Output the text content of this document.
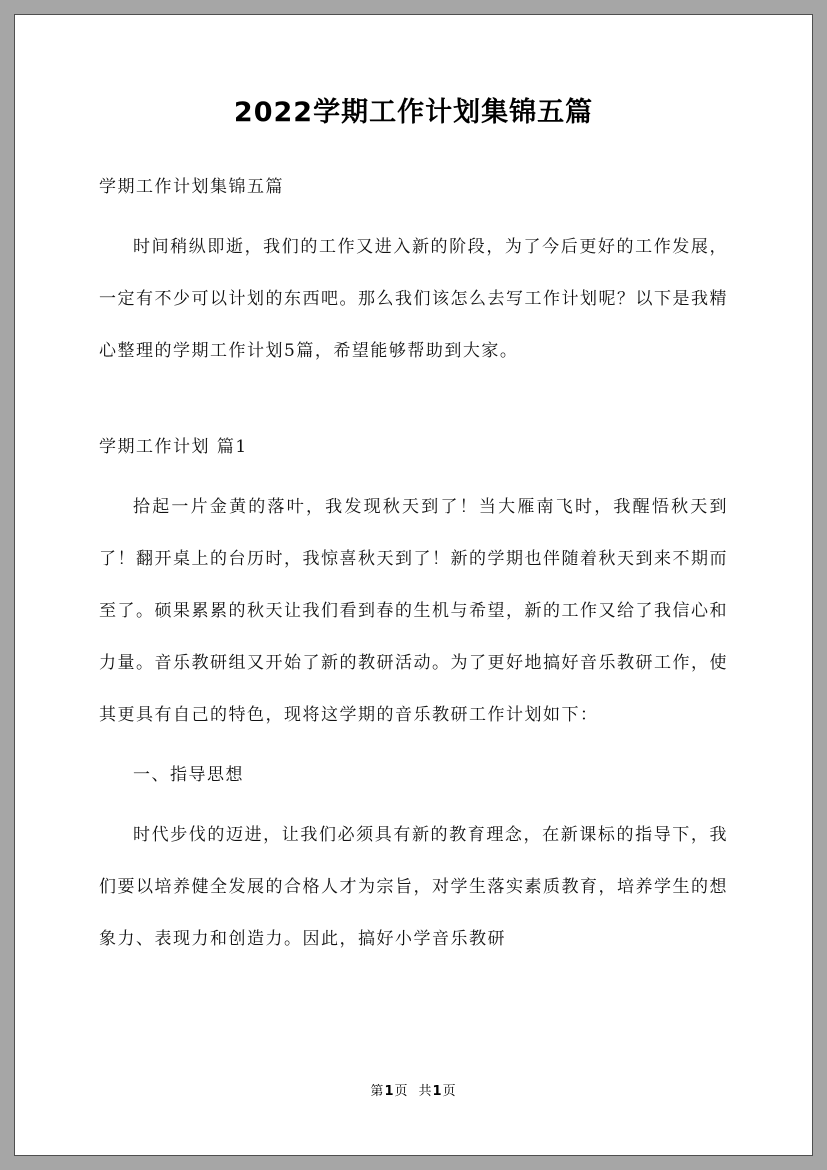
2022学期工作计划集锦五篇

学期工作计划集锦五篇

时间稍纵即逝，我们的工作又进入新的阶段，为了今后更好的工作发展，一定有不少可以计划的东西吧。那么我们该怎么去写工作计划呢？以下是我精心整理的学期工作计划5篇，希望能够帮助到大家。

学期工作计划 篇1

拾起一片金黄的落叶，我发现秋天到了！当大雁南飞时，我醒悟秋天到了！翻开桌上的台历时，我惊喜秋天到了！新的学期也伴随着秋天到来不期而至了。硕果累累的秋天让我们看到春的生机与希望，新的工作又给了我信心和力量。音乐教研组又开始了新的教研活动。为了更好地搞好音乐教研工作，使其更具有自己的特色，现将这学期的音乐教研工作计划如下：

一、指导思想

时代步伐的迈进，让我们必须具有新的教育理念，在新课标的指导下，我们要以培养健全发展的合格人才为宗旨，对学生落实素质教育，培养学生的想象力、表现力和创造力。因此，搞好小学音乐教研

第1页 共1页
